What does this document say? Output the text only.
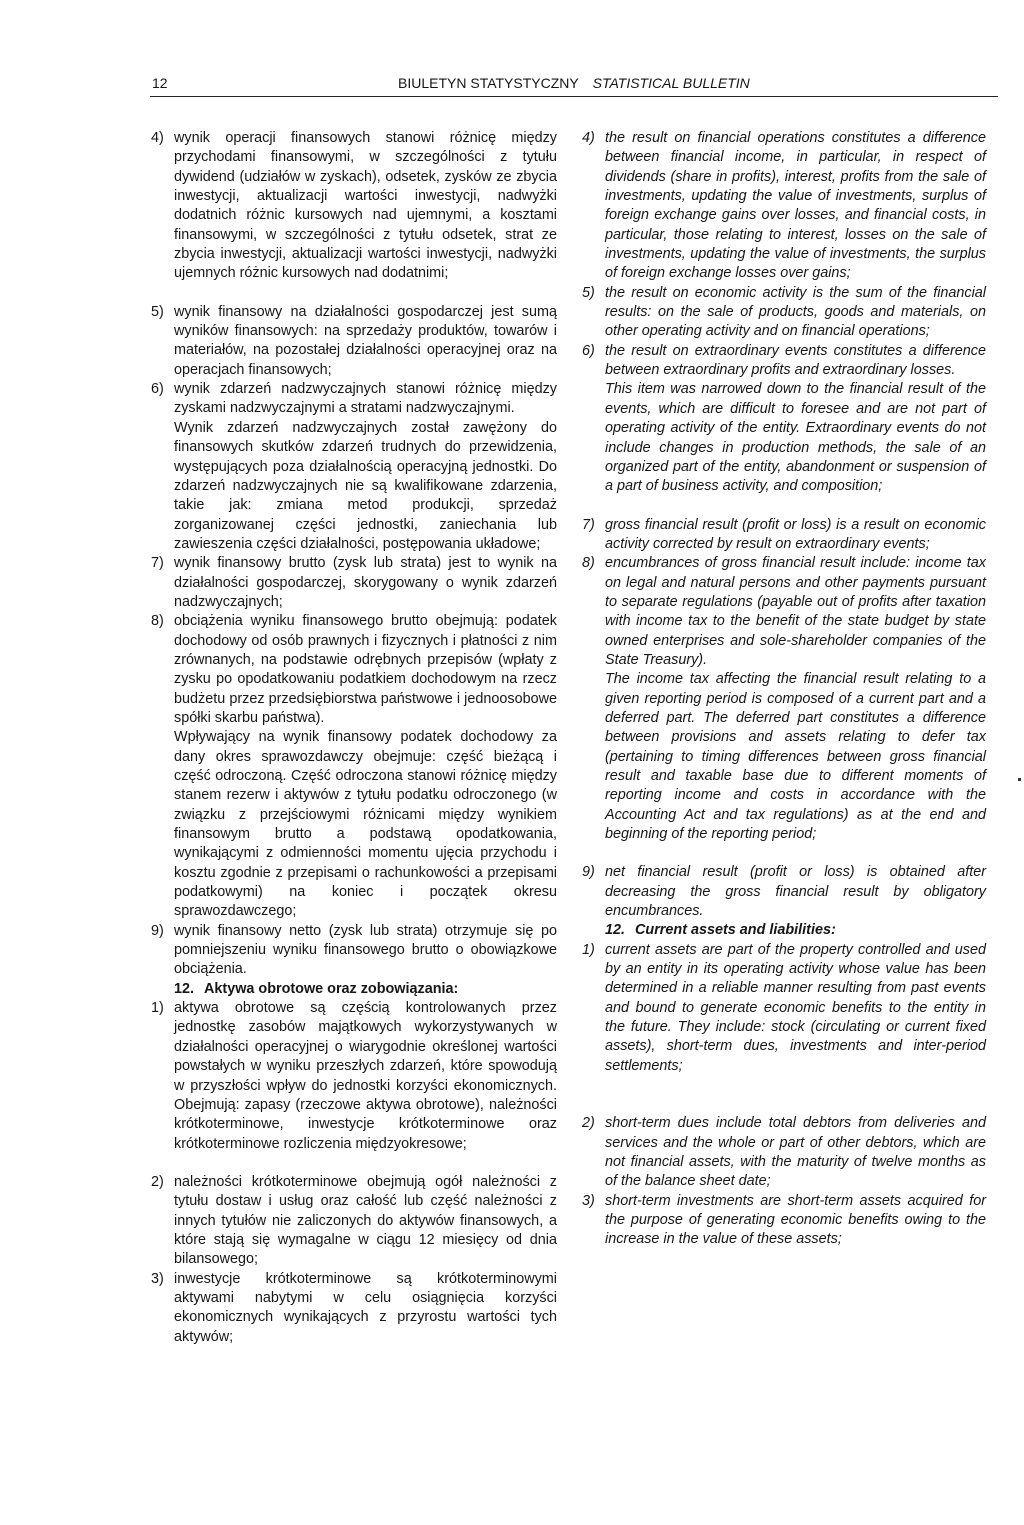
12	BIULETYN STATYSTYCZNY STATISTICAL BULLETIN
4) wynik operacji finansowych stanowi różnicę między przychodami finansowymi, w szczególności z tytułu dywidend (udziałów w zyskach), odsetek, zysków ze zbycia inwestycji, aktualizacji wartości inwestycji, nadwyżki dodatnich różnic kursowych nad ujemnymi, a kosztami finansowymi, w szczególności z tytułu odsetek, strat ze zbycia inwestycji, aktualizacji wartości inwestycji, nadwyżki ujemnych różnic kursowych nad dodatnimi;
5) wynik finansowy na działalności gospodarczej jest sumą wyników finansowych: na sprzedaży produktów, towarów i materiałów, na pozostałej działalności operacyjnej oraz na operacjach finansowych;
6) wynik zdarzeń nadzwyczajnych stanowi różnicę między zyskami nadzwyczajnymi a stratami nadzwyczajnymi.
Wynik zdarzeń nadzwyczajnych został zawężony do finansowych skutków zdarzeń trudnych do przewidzenia, występujących poza działalnością operacyjną jednostki. Do zdarzeń nadzwyczajnych nie są kwalifikowane zdarzenia, takie jak: zmiana metod produkcji, sprzedaż zorganizowanej części jednostki, zaniechania lub zawieszenia części działalności, postępowania układowe;
7) wynik finansowy brutto (zysk lub strata) jest to wynik na działalności gospodarczej, skorygowany o wynik zdarzeń nadzwyczajnych;
8) obciążenia wyniku finansowego brutto obejmują: podatek dochodowy od osób prawnych i fizycznych i płatności z nim zrównanych, na podstawie odrębnych przepisów (wpłaty z zysku po opodatkowaniu podatkiem dochodowym na rzecz budżetu przez przedsiębiorstwa państwowe i jednoosobowe spółki skarbu państwa).
Wpływający na wynik finansowy podatek dochodowy za dany okres sprawozdawczy obejmuje: część bieżącą i część odroczoną. Część odroczona stanowi różnicę między stanem rezerw i aktywów z tytułu podatku odroczonego (w związku z przejściowymi różnicami między wynikiem finansowym brutto a podstawą opodatkowania, wynikającymi z odmienności momentu ujęcia przychodu i kosztu zgodnie z przepisami o rachunkowości a przepisami podatkowymi) na koniec i początek okresu sprawozdawczego;
9) wynik finansowy netto (zysk lub strata) otrzymuje się po pomniejszeniu wyniku finansowego brutto o obowiązkowe obciążenia.
12. Aktywa obrotowe oraz zobowiązania:
1) aktywa obrotowe są częścią kontrolowanych przez jednostkę zasobów majątkowych wykorzystywanych w działalności operacyjnej o wiarygodnie określonej wartości powstałych w wyniku przeszłych zdarzeń, które spowodują w przyszłości wpływ do jednostki korzyści ekonomicznych. Obejmują: zapasy (rzeczowe aktywa obrotowe), należności krótkoterminowe, inwestycje krótkoterminowe oraz krótkoterminowe rozliczenia międzyokresowe;
2) należności krótkoterminowe obejmują ogół należności z tytułu dostaw i usług oraz całość lub część należności z innych tytułów nie zaliczonych do aktywów finansowych, a które stają się wymagalne w ciągu 12 miesięcy od dnia bilansowego;
3) inwestycje krótkoterminowe są krótkoterminowymi aktywami nabytymi w celu osiągnięcia korzyści ekonomicznych wynikających z przyrostu wartości tych aktywów;
4) the result on financial operations constitutes a difference between financial income, in particular, in respect of dividends (share in profits), interest, profits from the sale of investments, updating the value of investments, surplus of foreign exchange gains over losses, and financial costs, in particular, those relating to interest, losses on the sale of investments, updating the value of investments, the surplus of foreign exchange losses over gains;
5) the result on economic activity is the sum of the financial results: on the sale of products, goods and materials, on other operating activity and on financial operations;
6) the result on extraordinary events constitutes a difference between extraordinary profits and extraordinary losses.
This item was narrowed down to the financial result of the events, which are difficult to foresee and are not part of operating activity of the entity. Extraordinary events do not include changes in production methods, the sale of an organized part of the entity, abandonment or suspension of a part of business activity, and composition;
7) gross financial result (profit or loss) is a result on economic activity corrected by result on extraordinary events;
8) encumbrances of gross financial result include: income tax on legal and natural persons and other payments pursuant to separate regulations (payable out of profits after taxation with income tax to the benefit of the state budget by state owned enterprises and sole-shareholder companies of the State Treasury).
The income tax affecting the financial result relating to a given reporting period is composed of a current part and a deferred part. The deferred part constitutes a difference between provisions and assets relating to defer tax (pertaining to timing differences between gross financial result and taxable base due to different moments of reporting income and costs in accordance with the Accounting Act and tax regulations) as at the end and beginning of the reporting period;
9) net financial result (profit or loss) is obtained after decreasing the gross financial result by obligatory encumbrances.
12. Current assets and liabilities:
1) current assets are part of the property controlled and used by an entity in its operating activity whose value has been determined in a reliable manner resulting from past events and bound to generate economic benefits to the entity in the future. They include: stock (circulating or current fixed assets), short-term dues, investments and inter-period settlements;
2) short-term dues include total debtors from deliveries and services and the whole or part of other debtors, which are not financial assets, with the maturity of twelve months as of the balance sheet date;
3) short-term investments are short-term assets acquired for the purpose of generating economic benefits owing to the increase in the value of these assets;
